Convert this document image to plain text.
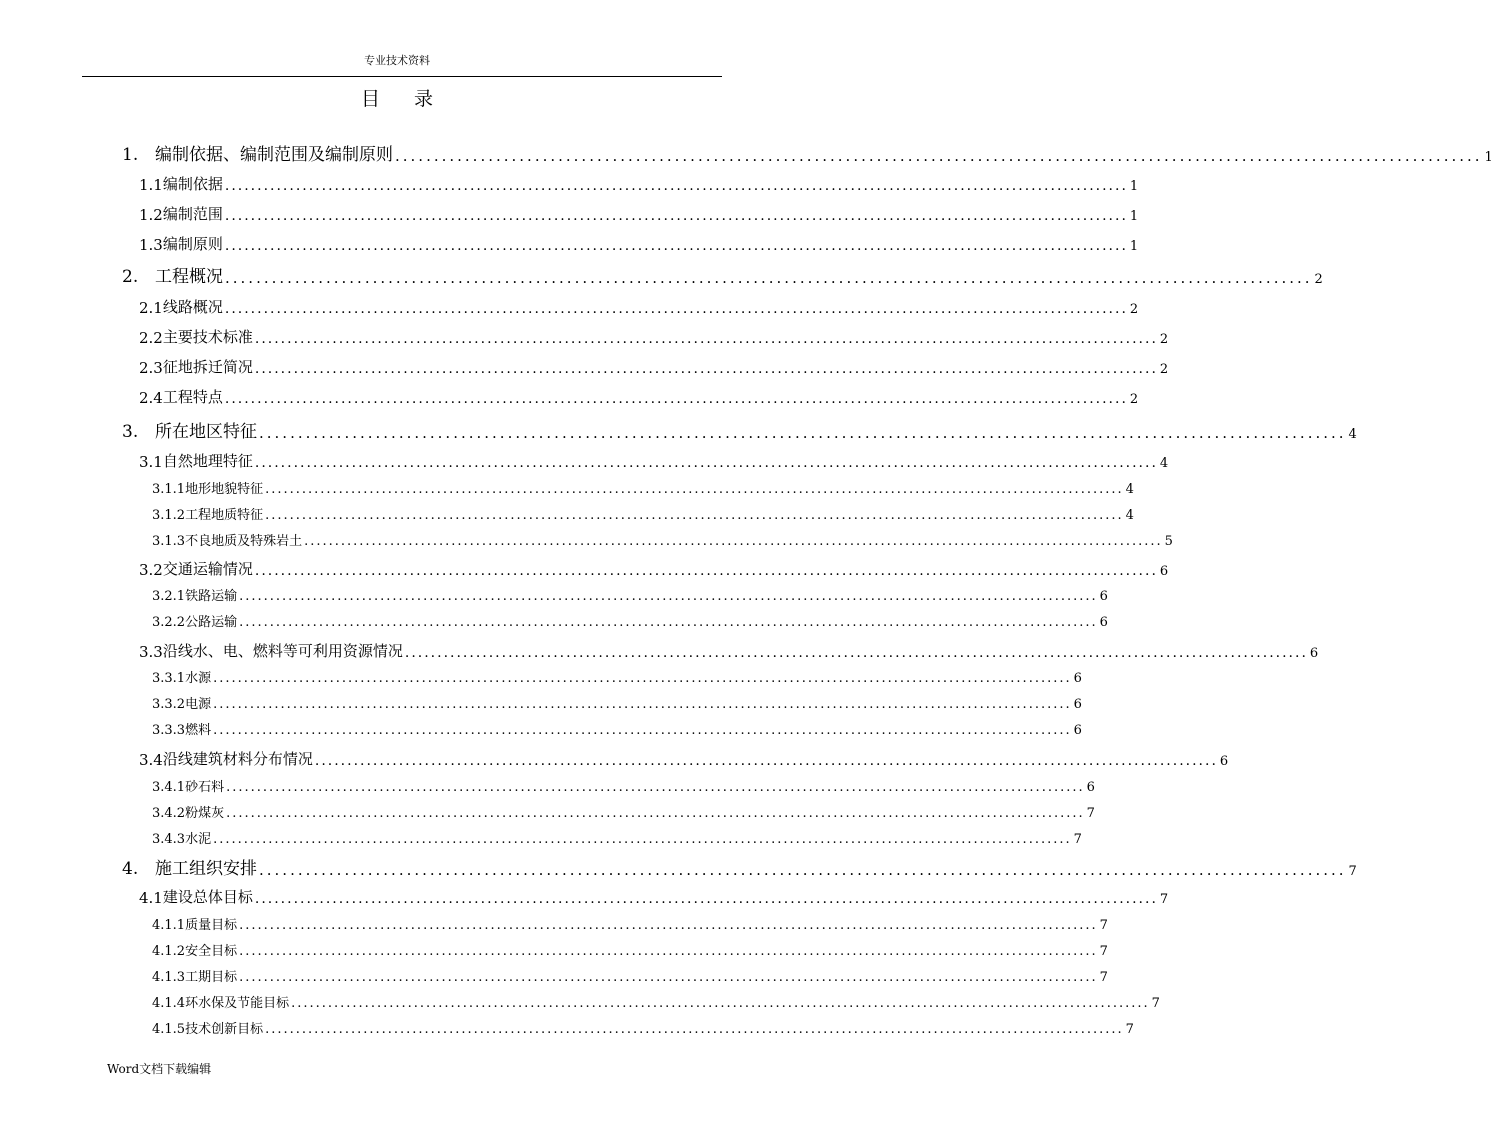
专业技术资料
目 录
1. 编制依据、编制范围及编制原则 ............................................................................................................................................ 1
1.1 编制依据 ............................................................................................................................................ 1
1.2 编制范围 ............................................................................................................................................ 1
1.3 编制原则 ............................................................................................................................................ 1
2. 工程概况 ............................................................................................................................................ 2
2.1 线路概况 ............................................................................................................................................ 2
2.2 主要技术标准 ............................................................................................................................................ 2
2.3 征地拆迁简况 ............................................................................................................................................ 2
2.4 工程特点 ............................................................................................................................................ 2
3. 所在地区特征 ............................................................................................................................................ 4
3.1 自然地理特征 ............................................................................................................................................ 4
3.1.1 地形地貌特征 ............................................................................................................................................ 4
3.1.2 工程地质特征 ............................................................................................................................................ 4
3.1.3 不良地质及特殊岩土 ............................................................................................................................................ 5
3.2 交通运输情况 ............................................................................................................................................ 6
3.2.1 铁路运输 ............................................................................................................................................ 6
3.2.2 公路运输 ............................................................................................................................................ 6
3.3 沿线水、电、燃料等可利用资源情况 ............................................................................................................................................ 6
3.3.1 水源 ............................................................................................................................................ 6
3.3.2 电源 ............................................................................................................................................ 6
3.3.3 燃料 ............................................................................................................................................ 6
3.4 沿线建筑材料分布情况 ............................................................................................................................................ 6
3.4.1 砂石料 ............................................................................................................................................ 6
3.4.2 粉煤灰 ............................................................................................................................................ 7
3.4.3 水泥 ............................................................................................................................................ 7
4. 施工组织安排 ............................................................................................................................................ 7
4.1 建设总体目标 ............................................................................................................................................ 7
4.1.1 质量目标 ............................................................................................................................................ 7
4.1.2 安全目标 ............................................................................................................................................ 7
4.1.3 工期目标 ............................................................................................................................................ 7
4.1.4 环水保及节能目标 ............................................................................................................................................ 7
4.1.5 技术创新目标 ............................................................................................................................................ 7
Word文档下载编辑
